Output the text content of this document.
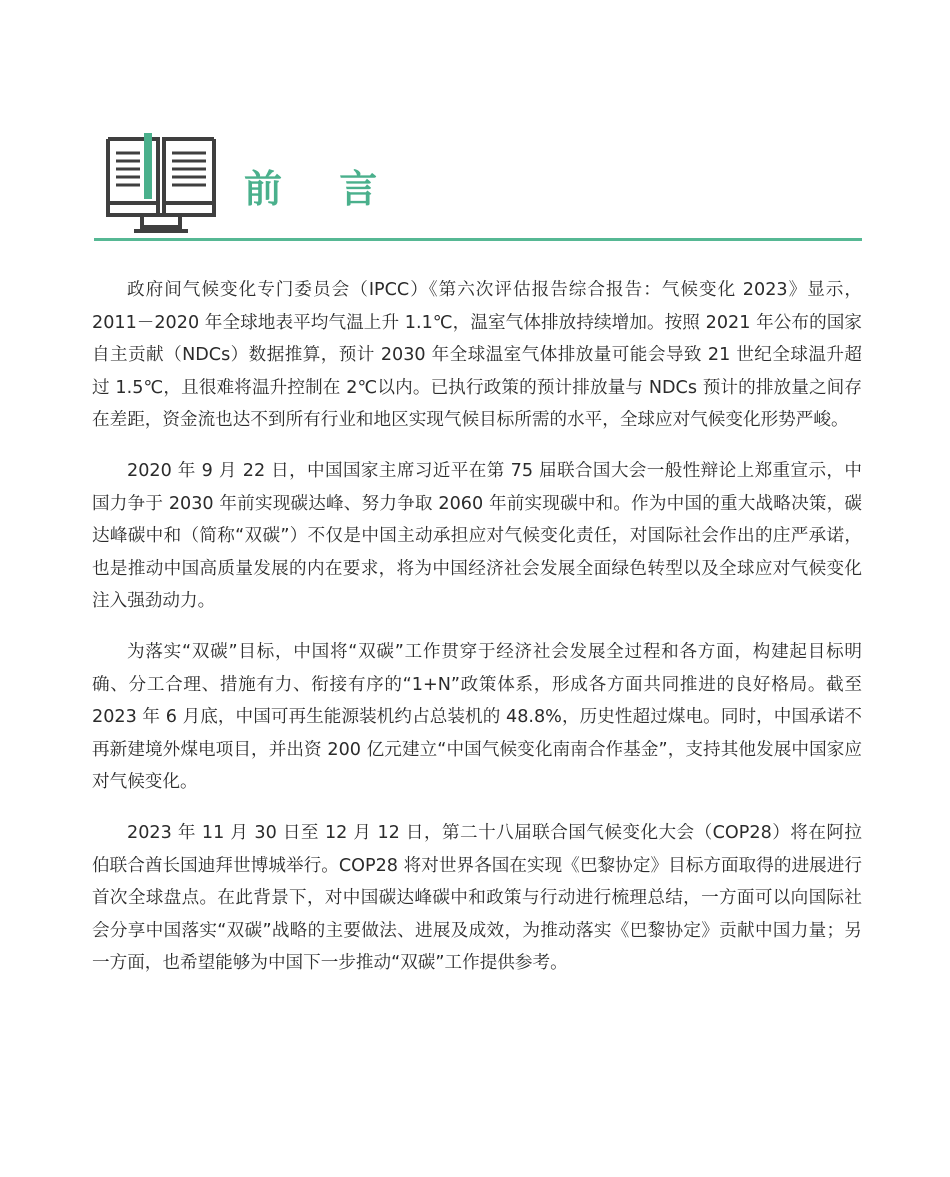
前 言

政府间气候变化专门委员会（IPCC）《第六次评估报告综合报告：气候变化 2023》显示，2011－2020 年全球地表平均气温上升 1.1℃，温室气体排放持续增加。按照 2021 年公布的国家自主贡献（NDCs）数据推算，预计 2030 年全球温室气体排放量可能会导致 21 世纪全球温升超过 1.5℃，且很难将温升控制在 2℃以内。已执行政策的预计排放量与 NDCs 预计的排放量之间存在差距，资金流也达不到所有行业和地区实现气候目标所需的水平，全球应对气候变化形势严峻。

2020 年 9 月 22 日，中国国家主席习近平在第 75 届联合国大会一般性辩论上郑重宣示，中国力争于 2030 年前实现碳达峰、努力争取 2060 年前实现碳中和。作为中国的重大战略决策，碳达峰碳中和（简称“双碳”）不仅是中国主动承担应对气候变化责任，对国际社会作出的庄严承诺，也是推动中国高质量发展的内在要求，将为中国经济社会发展全面绿色转型以及全球应对气候变化注入强劲动力。

为落实“双碳”目标，中国将“双碳”工作贯穿于经济社会发展全过程和各方面，构建起目标明确、分工合理、措施有力、衔接有序的“1+N”政策体系，形成各方面共同推进的良好格局。截至 2023 年 6 月底，中国可再生能源装机约占总装机的 48.8%，历史性超过煤电。同时，中国承诺不再新建境外煤电项目，并出资 200 亿元建立“中国气候变化南南合作基金”，支持其他发展中国家应对气候变化。

2023 年 11 月 30 日至 12 月 12 日，第二十八届联合国气候变化大会（COP28）将在阿拉伯联合酋长国迪拜世博城举行。COP28 将对世界各国在实现《巴黎协定》目标方面取得的进展进行首次全球盘点。在此背景下，对中国碳达峰碳中和政策与行动进行梳理总结，一方面可以向国际社会分享中国落实“双碳”战略的主要做法、进展及成效，为推动落实《巴黎协定》贡献中国力量；另一方面，也希望能够为中国下一步推动“双碳”工作提供参考。
